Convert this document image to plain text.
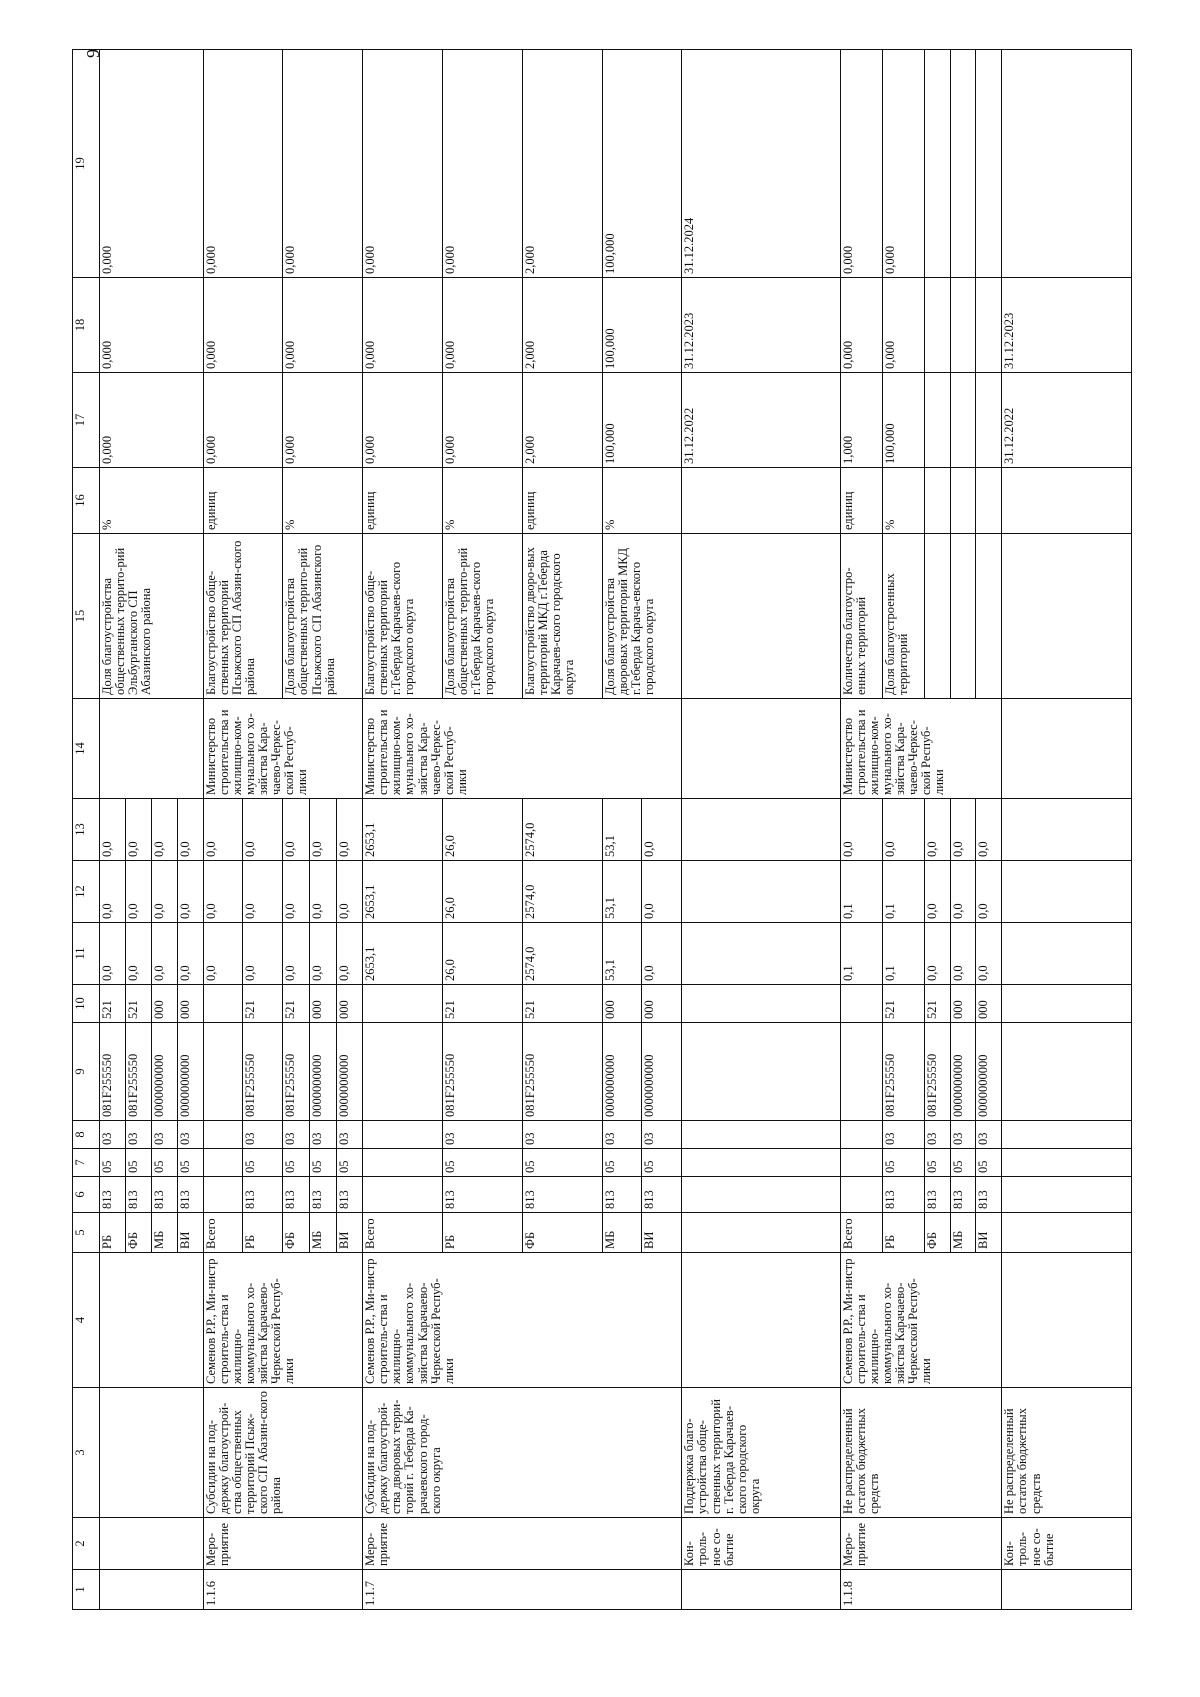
9
1	2	3	4	5	6	7	8	9	10	11	12	13	14	15	16	17	18	19
				РБ	813	05	03	081F255550	521	0,0	0,0	0,0		Доля благоустройства общественных террито-рий Эльбурганского СП Абазинского района	%	0,000	0,000	0,000
				ФБ	813	05	03	081F255550	521	0,0	0,0	0,0						
				МБ	813	05	03	0000000000	000	0,0	0,0	0,0						
				ВИ	813	05	03	0000000000	000	0,0	0,0	0,0						
1.1.6	Меро-приятие	Субсидии на под-держку благоустрой-ства общественных территорий Псыж-ского СП Абазин-ского района	Семенов Р.Р., Ми-нистр строитель-ства и жилищно-коммунального хо-зяйства Карачаево-Черкесской Респуб-лики	Всего						0,0	0,0	0,0	Министерство строительства и жилищно-ком-мунального хо-зяйства Кара-чаево-Черкес-ской Респуб-лики	Благоустройство обще-ственных территорий Псыжского СП Абазин-ского района	единиц	0,000	0,000	0,000
				РБ	813	05	03	081F255550	521	0,0	0,0	0,0						
				ФБ	813	05	03	081F255550	521	0,0	0,0	0,0		Доля благоустройства общественных террито-рий Псыжского СП Абазинского района	%	0,000	0,000	0,000
				МБ	813	05	03	0000000000	000	0,0	0,0	0,0						
				ВИ	813	05	03	0000000000	000	0,0	0,0	0,0						
1.1.7	Меро-приятие	Субсидии на под-держку благоустрой-ства дворовых терри-торий г. Теберда Ка-рачаевского город-ского округа	Семенов Р.Р., Ми-нистр строитель-ства и жилищно-коммунального хо-зяйства Карачаево-Черкесской Респуб-лики	Всего						2653,1	2653,1	2653,1	Министерство строительства и жилищно-ком-мунального хо-зяйства Кара-чаево-Черкес-ской Респуб-лики	Благоустройство обще-ственных территорий г.Теберда Карачаев-ского городского округа	единиц	0,000	0,000	0,000
				РБ	813	05	03	081F255550	521	26,0	26,0	26,0		Доля благоустройства общественных террито-рий г.Теберда Карачаев-ского городского округа	%	0,000	0,000	0,000
				ФБ	813	05	03	081F255550	521	2574,0	2574,0	2574,0		Благоустройство дворо-вых территорий МКД г.Теберда Карачаев-ского городского округа	единиц	2,000	2,000	2,000
				МБ	813	05	03	0000000000	000	53,1	53,1	53,1		Доля благоустройства дворовых территорий МКД г.Теберда Карача-евского городского округа	%	100,000	100,000	100,000
				ВИ	813	05	03	0000000000	000	0,0	0,0	0,0						
	Кон-троль-ное со-бытие	Поддержка благо-устройства обще-ственных территорий г. Теберда Карачаев-ского городского округа														31.12.2022	31.12.2023	31.12.2024
1.1.8	Меро-приятие	Не распределенный остаток бюджетных средств	Семенов Р.Р., Ми-нистр строитель-ства и жилищно-коммунального хо-зяйства Карачаево-Черкесской Респуб-лики	Всего						0,1	0,1	0,0	Министерство строительства и жилищно-ком-мунального хо-зяйства Кара-чаево-Черкес-ской Респуб-лики	Количество благоустро-енных территорий	единиц	1,000	0,000	0,000
				РБ	813	05	03	081F255550	521	0,1	0,1	0,0		Доля благоустроенных территорий	%	100,000	0,000	0,000
				ФБ	813	05	03	081F255550	521	0,0	0,0	0,0						
				МБ	813	05	03	0000000000	000	0,0	0,0	0,0						
				ВИ	813	05	03	0000000000	000	0,0	0,0	0,0						
	Кон-троль-ное со-бытие	Не распределенный остаток бюджетных средств														31.12.2022	31.12.2023	
